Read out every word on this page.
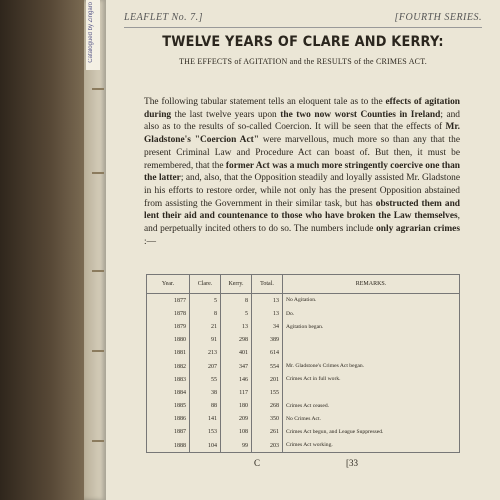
Catalogued by Zingaro	LEAFLET No. 7.]	[FOURTH SERIES.
TWELVE YEARS OF CLARE AND KERRY:
THE EFFECTS of AGITATION and the RESULTS of the CRIMES ACT.
The following tabular statement tells an eloquent tale as to the effects of agitation during the last twelve years upon the two now worst Counties in Ireland; and also as to the results of so-called Coercion. It will be seen that the effects of Mr. Gladstone's "Coercion Act" were marvellous, much more so than any that the present Criminal Law and Procedure Act can boast of. But then, it must be remembered, that the former Act was a much more stringently coercive one than the latter; and, also, that the Opposition steadily and loyally assisted Mr. Gladstone in his efforts to restore order, while not only has the present Opposition abstained from assisting the Government in their similar task, but has obstructed them and lent their aid and countenance to those who have broken the Law themselves, and perpetually incited others to do so. The numbers include only agrarian crimes :—
Year.	Clare.	Kerry.	Total.	REMARKS.
1877	5	8	13	No Agitation.
1878	8	5	13	Do.
1879	21	13	34	Agitation began.
1880	91	298	389	
1881	213	401	614	
1882	207	347	554	Mr. Gladstone's Crimes Act began.
1883	55	146	201	Crimes Act in full work.
1884	38	117	155	
1885	88	180	268	Crimes Act ceased.
1886	141	209	350	No Crimes Act.
1887	153	108	261	Crimes Act begun, and League Suppressed.
1888	104	99	203	Crimes Act working.
C	[33
